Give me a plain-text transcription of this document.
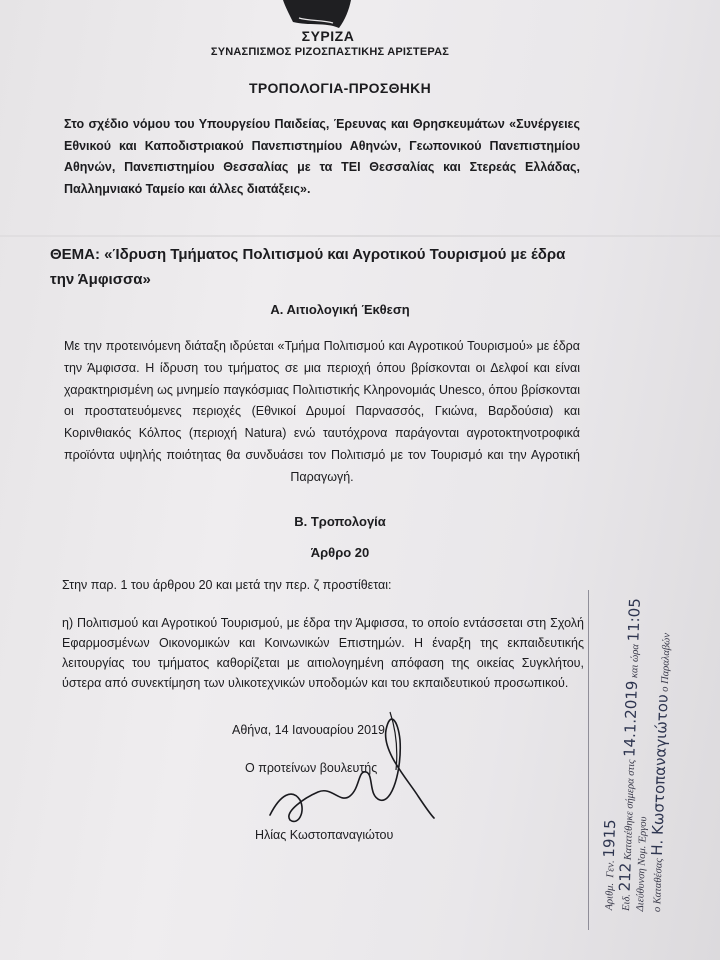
ΣΥΡΙΖΑ
ΣΥΝΑΣΠΙΣΜΟΣ ΡΙΖΟΣΠΑΣΤΙΚΗΣ ΑΡΙΣΤΕΡΑΣ
ΤΡΟΠΟΛΟΓΙΑ-ΠΡΟΣΘΗΚΗ
Στο σχέδιο νόμου του Υπουργείου Παιδείας, Έρευνας και Θρησκευμάτων «Συνέργειες Εθνικού και Καποδιστριακού Πανεπιστημίου Αθηνών, Γεωπονικού Πανεπιστημίου Αθηνών, Πανεπιστημίου Θεσσαλίας με τα ΤΕΙ Θεσσαλίας και Στερεάς Ελλάδας, Παλλημνιακό Ταμείο και άλλες διατάξεις».
ΘΕΜΑ: «Ίδρυση Τμήματος Πολιτισμού και Αγροτικού Τουρισμού με έδρα την Άμφισσα»
Α. Αιτιολογική Έκθεση
Με την προτεινόμενη διάταξη ιδρύεται «Τμήμα Πολιτισμού και Αγροτικού Τουρισμού» με έδρα την Άμφισσα. Η ίδρυση του τμήματος σε μια περιοχή όπου βρίσκονται οι Δελφοί και είναι χαρακτηρισμένη ως μνημείο παγκόσμιας Πολιτιστικής Κληρονομιάς Unesco, όπου βρίσκονται οι προστατευόμενες περιοχές (Εθνικοί Δρυμοί Παρνασσός, Γκιώνα, Βαρδούσια) και Κορινθιακός Κόλπος (περιοχή Natura) ενώ ταυτόχρονα παράγονται αγροτοκτηνοτροφικά προϊόντα υψηλής ποιότητας θα συνδυάσει τον Πολιτισμό με τον Τουρισμό και την Αγροτική Παραγωγή.
Β. Τροπολογία
Άρθρο 20
Στην παρ. 1 του άρθρου 20 και μετά την περ. ζ προστίθεται:
η) Πολιτισμού και Αγροτικού Τουρισμού, με έδρα την Άμφισσα, το οποίο εντάσσεται στη Σχολή Εφαρμοσμένων Οικονομικών και Κοινωνικών Επιστημών. Η έναρξη της εκπαιδευτικής λειτουργίας του τμήματος καθορίζεται με αιτιολογημένη απόφαση της οικείας Συγκλήτου, ύστερα από συνεκτίμηση των υλικοτεχνικών υποδομών και του εκπαιδευτικού προσωπικού.
Αθήνα, 14 Ιανουαρίου 2019
Ο προτείνων βουλευτής
Ηλίας Κωστοπαναγιώτου
Αριθμ.  Γεν. 1915
Ειδ. 212 Κατατέθηκε σήμερα στις 14.1.2019 και ώρα 11:05
Διεύθυνση Νομ. Έργου ο Καταθέσας Η. Κωστοπαναγιώτου ο Παραλαβών
